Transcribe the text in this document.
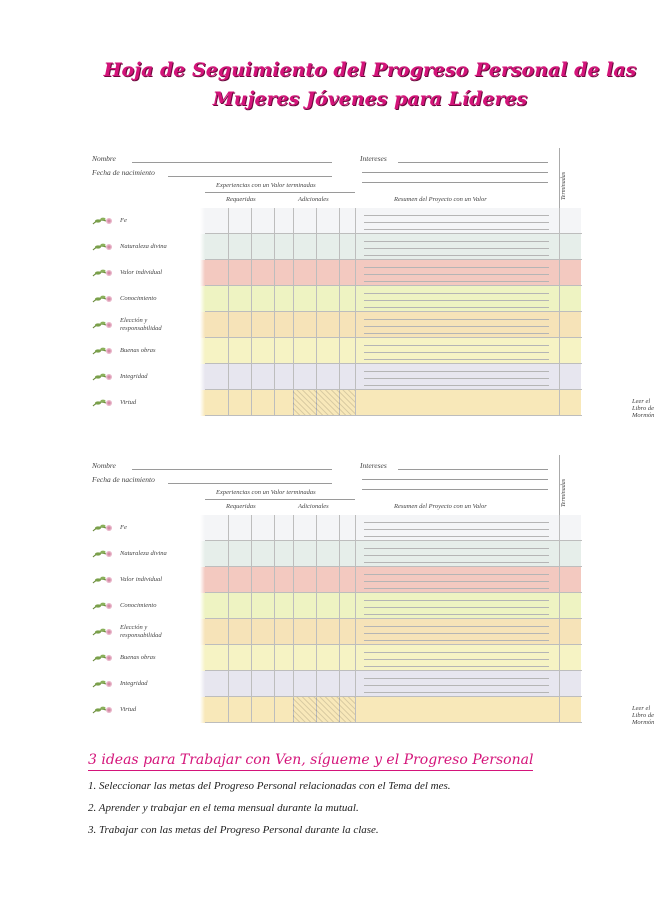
Hoja de Seguimiento del Progreso Personal de las
Mujeres Jóvenes para Líderes
Nombre
Fecha de nacimiento
Intereses
Experiencias con un Valor terminadas
Requeridas	Adicionales	Resumen del Proyecto con un Valor	Terminadas
Fe
Naturaleza divina
Valor individual
Conocimiento
Elección y responsabilidad
Buenas obras
Integridad
Virtud	Leer el Libro de Mormón
Nombre
Fecha de nacimiento
Intereses
Experiencias con un Valor terminadas
Requeridas	Adicionales	Resumen del Proyecto con un Valor	Terminadas
Fe
Naturaleza divina
Valor individual
Conocimiento
Elección y responsabilidad
Buenas obras
Integridad
Virtud	Leer el Libro de Mormón
3 ideas para Trabajar con Ven, sígueme y el Progreso Personal
1. Seleccionar las metas del Progreso Personal relacionadas con el Tema del mes.
2. Aprender y trabajar en el tema mensual durante la mutual.
3. Trabajar con las metas del Progreso Personal durante la clase.
